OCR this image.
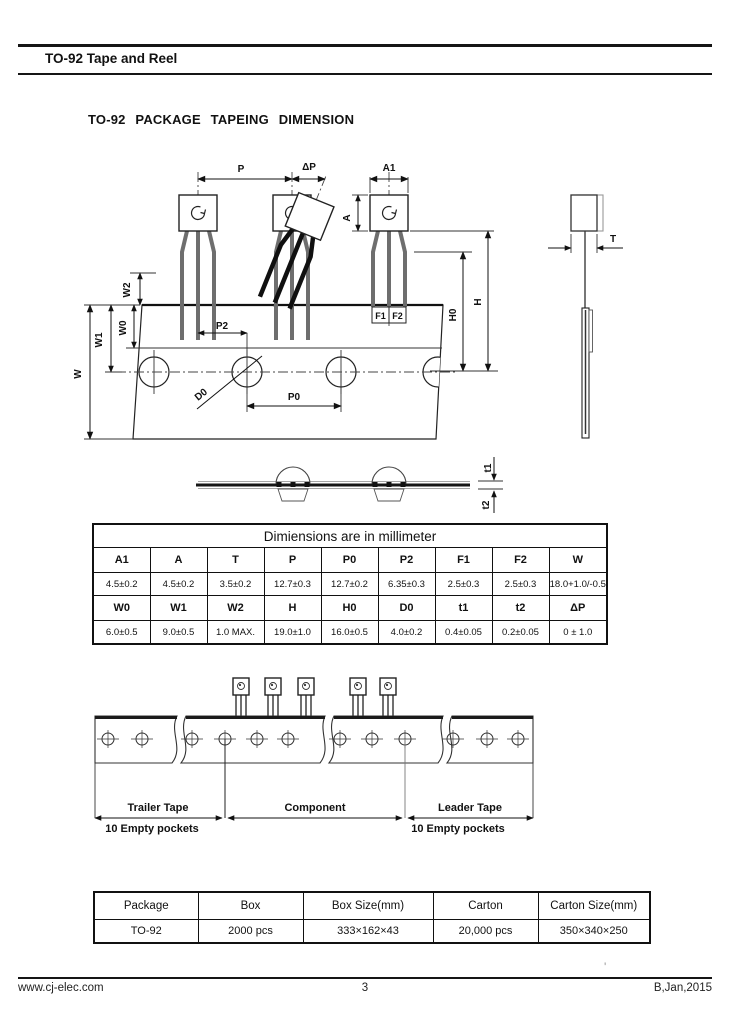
TO-92 Tape and Reel
TO-92 PACKAGE TAPEING DIMENSION
F1 F2
P	ΔP	A1
A
H0
H
W2
W0
W1
W
P2
P0
D0
T
t1
t2
Dimiensions are in millimeter								
A1	A	T	P	P0	P2	F1	F2	W
4.5±0.2	4.5±0.2	3.5±0.2	12.7±0.3	12.7±0.2	6.35±0.3	2.5±0.3	2.5±0.3	18.0+1.0/-0.5
W0	W1	W2	H	H0	D0	t1	t2	ΔP
6.0±0.5	9.0±0.5	1.0 MAX.	19.0±1.0	16.0±0.5	4.0±0.2	0.4±0.05	0.2±0.05	0 ± 1.0
Trailer Tape	Component	Leader Tape
10 Empty pockets	10 Empty pockets
Package	Box	Box Size(mm)	Carton	Carton Size(mm)
TO-92	2000 pcs	333×162×43	20,000 pcs	350×340×250
'
www.cj-elec.com	3	B,Jan,2015
